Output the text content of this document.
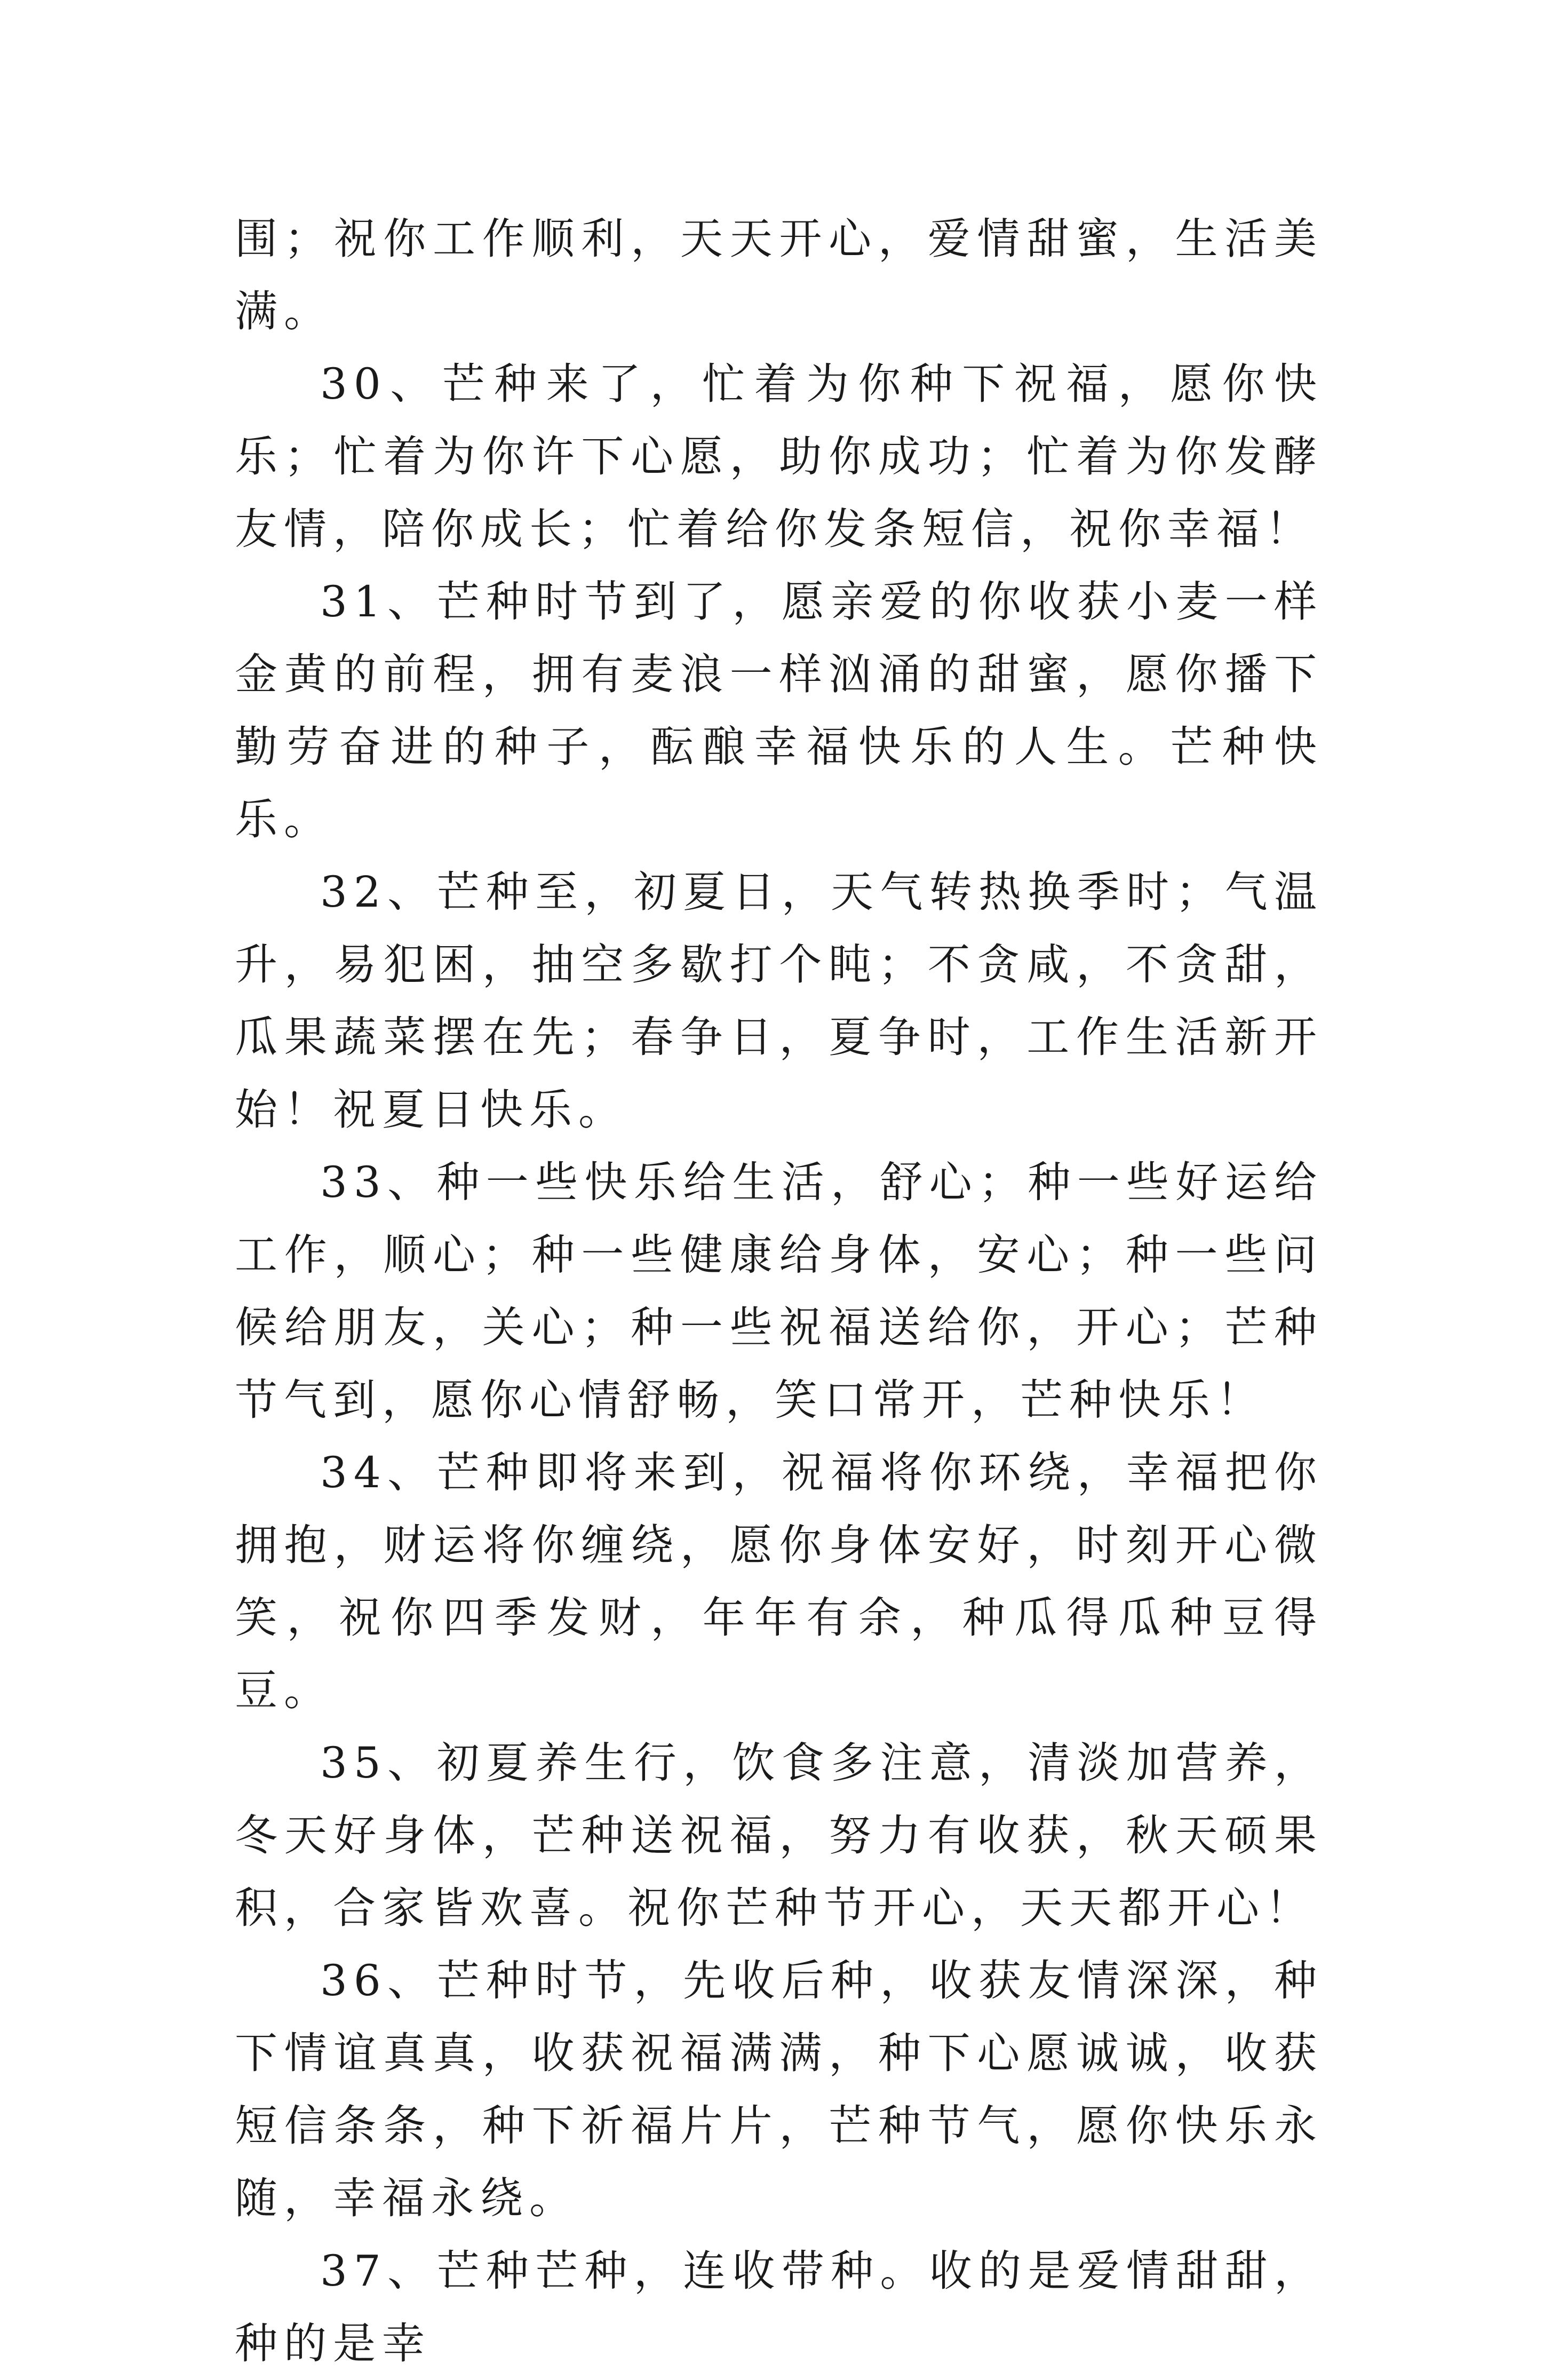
围；祝你工作顺利，天天开心，爱情甜蜜，生活美满。

30、芒种来了，忙着为你种下祝福，愿你快乐；忙着为你许下心愿，助你成功；忙着为你发酵友情，陪你成长；忙着给你发条短信，祝你幸福！

31、芒种时节到了，愿亲爱的你收获小麦一样金黄的前程，拥有麦浪一样汹涌的甜蜜，愿你播下勤劳奋进的种子，酝酿幸福快乐的人生。芒种快乐。

32、芒种至，初夏日，天气转热换季时；气温升，易犯困，抽空多歇打个盹；不贪咸，不贪甜，瓜果蔬菜摆在先；春争日，夏争时，工作生活新开始！祝夏日快乐。

33、种一些快乐给生活，舒心；种一些好运给工作，顺心；种一些健康给身体，安心；种一些问候给朋友，关心；种一些祝福送给你，开心；芒种节气到，愿你心情舒畅，笑口常开，芒种快乐！

34、芒种即将来到，祝福将你环绕，幸福把你拥抱，财运将你缠绕，愿你身体安好，时刻开心微笑，祝你四季发财，年年有余，种瓜得瓜种豆得豆。

35、初夏养生行，饮食多注意，清淡加营养，冬天好身体，芒种送祝福，努力有收获，秋天硕果积，合家皆欢喜。祝你芒种节开心，天天都开心！

36、芒种时节，先收后种，收获友情深深，种下情谊真真，收获祝福满满，种下心愿诚诚，收获短信条条，种下祈福片片，芒种节气，愿你快乐永随，幸福永绕。

37、芒种芒种，连收带种。收的是爱情甜甜，种的是幸
